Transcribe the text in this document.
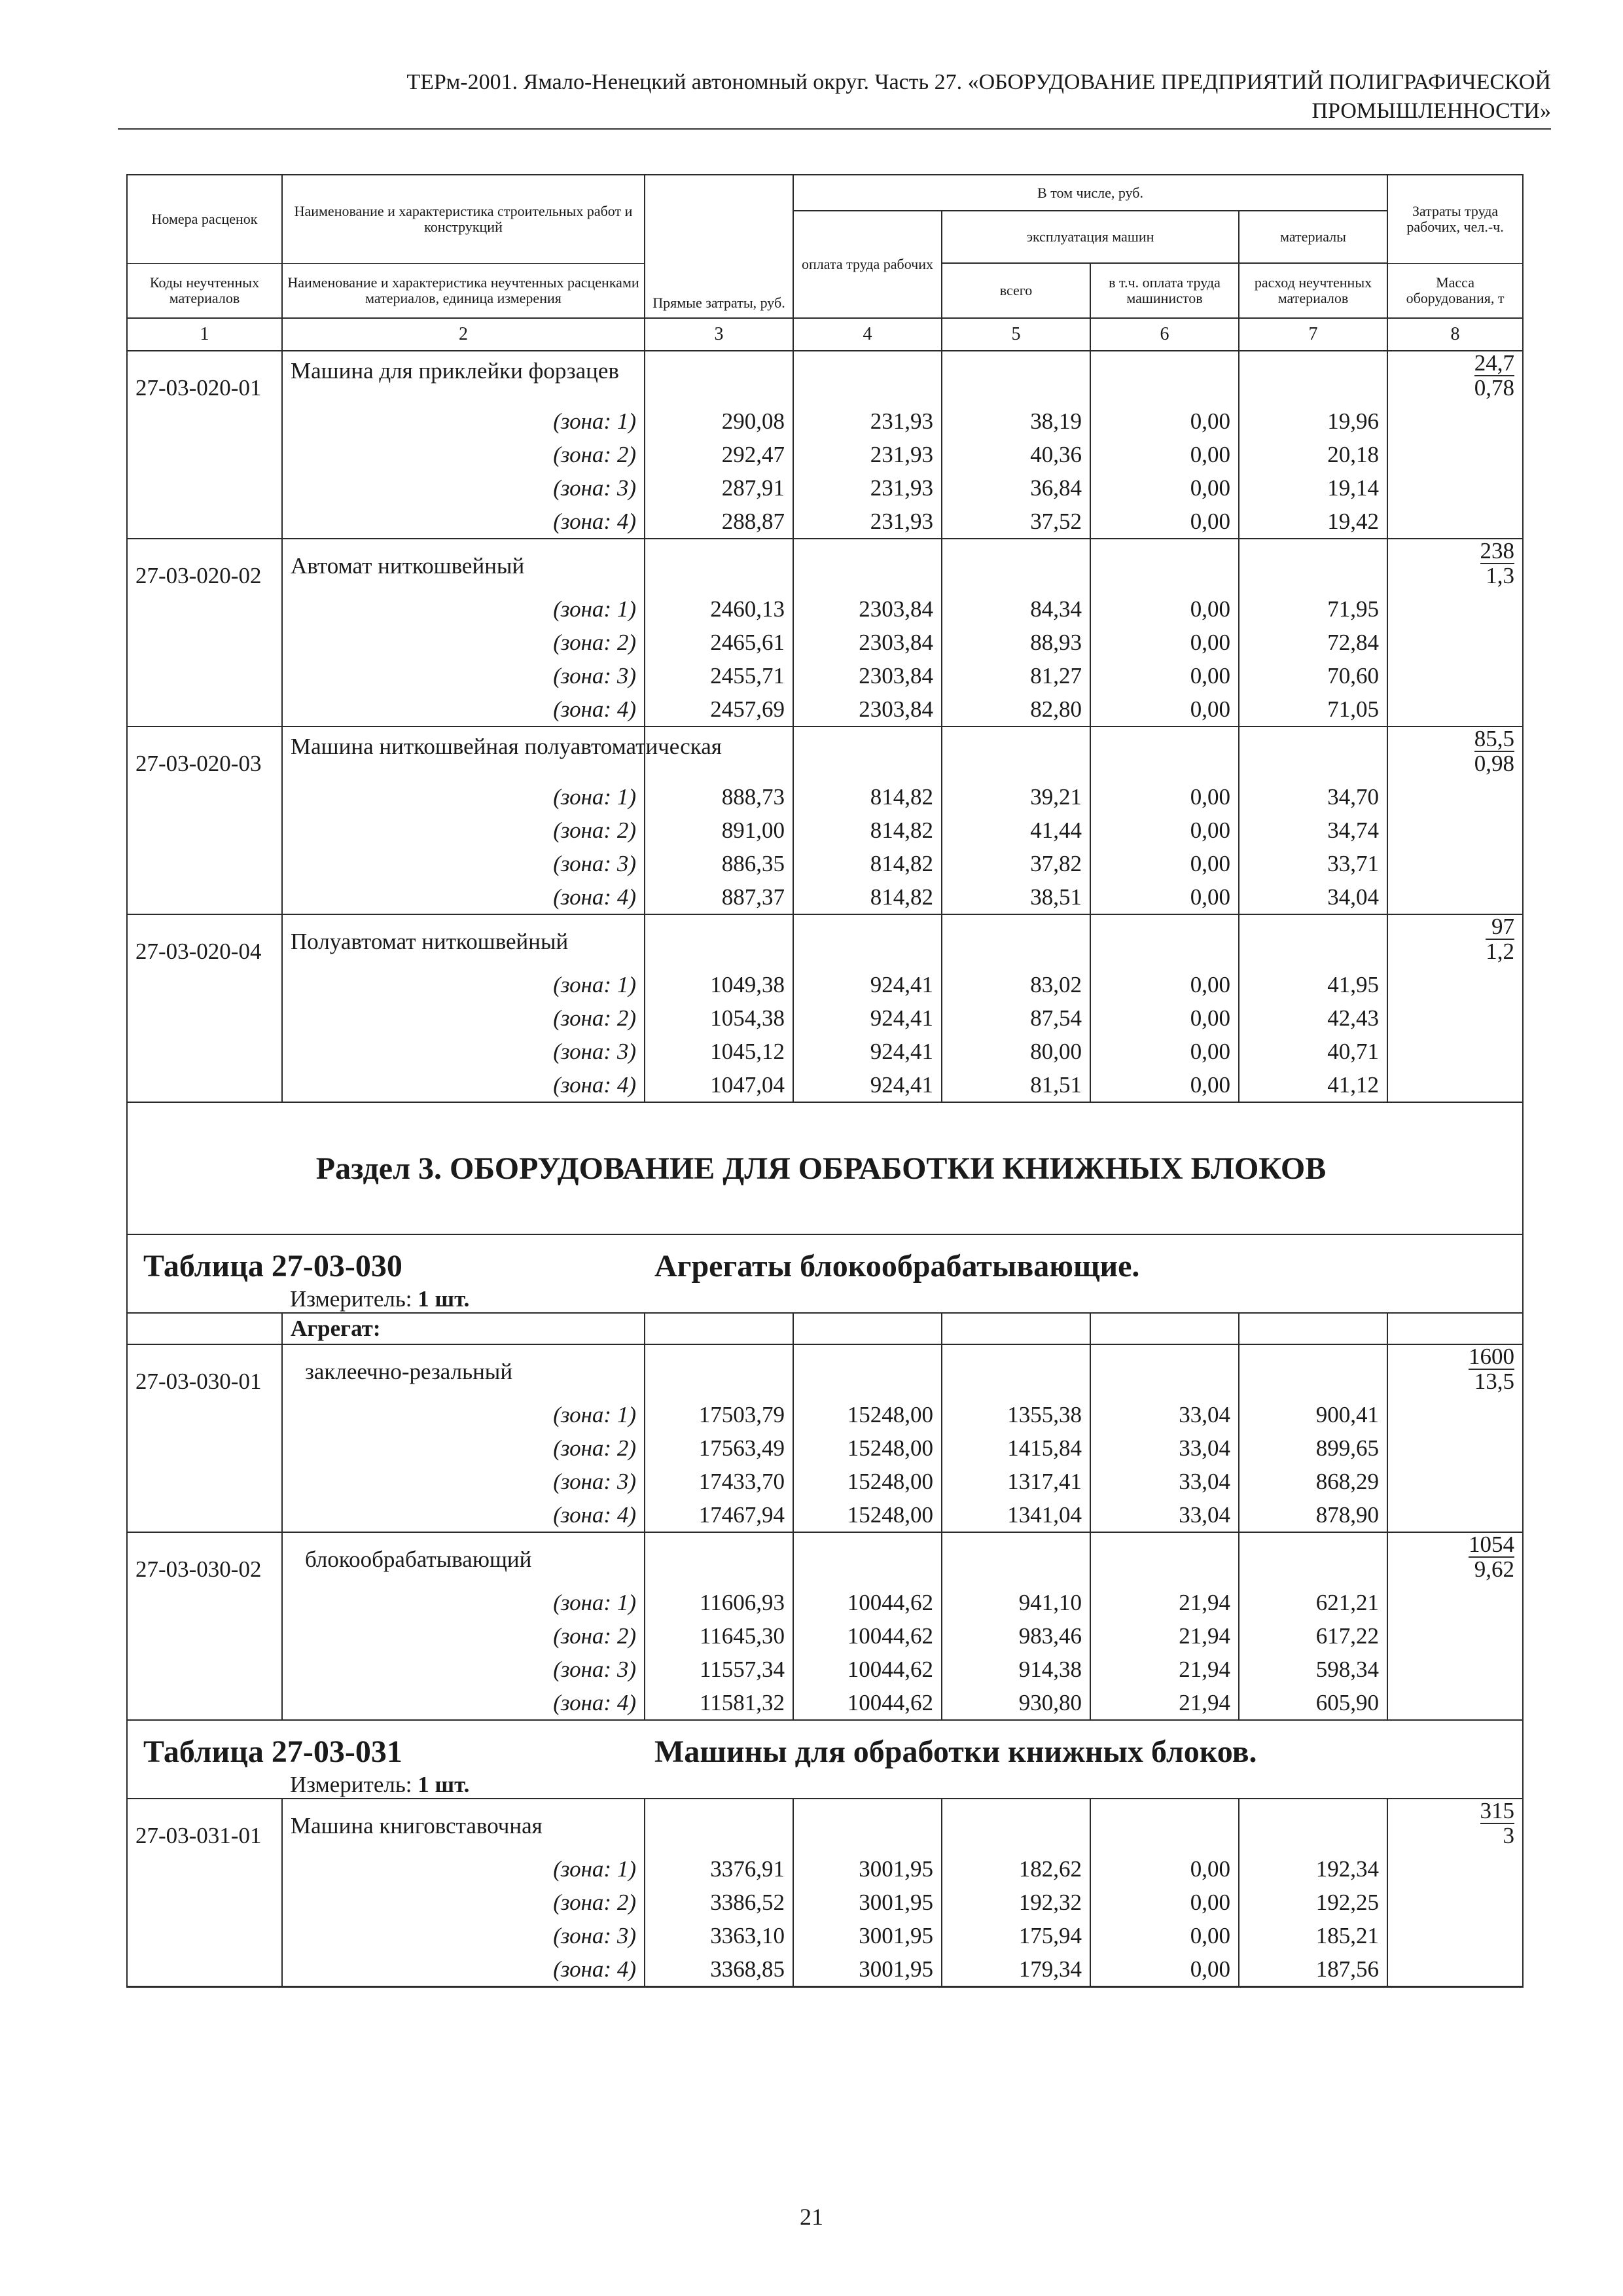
ТЕРм-2001. Ямало-Ненецкий автономный округ. Часть 27. «ОБОРУДОВАНИЕ ПРЕДПРИЯТИЙ ПОЛИГРАФИЧЕСКОЙ
ПРОМЫШЛЕННОСТИ»
Номера расценок	Наименование и характеристика строительных работ и конструкций	Прямые затраты, руб.	В том числе, руб.				Затраты труда рабочих, чел.-ч.
			оплата труда рабочих	эксплуатация машин		материалы	
Коды неучтенных материалов	Наименование и характеристика неучтенных расценками материалов, единица измерения			всего	в т.ч. оплата труда машинистов	расход неучтенных материалов	Масса оборудования, т
1	2	3	4	5	6	7	8
27-03-020-01	Машина для приклейки форзацев						$\frac{24,7}{0,78}$

	(зона: 1)	290,08	231,93	38,19	0,00	19,96	
	(зона: 2)	292,47	231,93	40,36	0,00	20,18	
	(зона: 3)	287,91	231,93	36,84	0,00	19,14	
	(зона: 4)	288,87	231,93	37,52	0,00	19,42	
27-03-020-02	Автомат ниткошвейный						$\frac{238}{1,3}$

	(зона: 1)	2460,13	2303,84	84,34	0,00	71,95	
	(зона: 2)	2465,61	2303,84	88,93	0,00	72,84	
	(зона: 3)	2455,71	2303,84	81,27	0,00	70,60	
	(зона: 4)	2457,69	2303,84	82,80	0,00	71,05	
27-03-020-03	Машина ниткошвейная полуавтоматическая						$\frac{85,5}{0,98}$

	(зона: 1)	888,73	814,82	39,21	0,00	34,70	
	(зона: 2)	891,00	814,82	41,44	0,00	34,74	
	(зона: 3)	886,35	814,82	37,82	0,00	33,71	
	(зона: 4)	887,37	814,82	38,51	0,00	34,04	
27-03-020-04	Полуавтомат ниткошвейный						$\frac{97}{1,2}$

	(зона: 1)	1049,38	924,41	83,02	0,00	41,95	
	(зона: 2)	1054,38	924,41	87,54	0,00	42,43	
	(зона: 3)	1045,12	924,41	80,00	0,00	40,71	
	(зона: 4)	1047,04	924,41	81,51	0,00	41,12	
Раздел 3. ОБОРУДОВАНИЕ ДЛЯ ОБРАБОТКИ КНИЖНЫХ БЛОКОВ							

Таблица 27-03-030 Агрегаты блокообрабатывающие.
Измеритель: 1 шт.							

	Агрегат:						
27-03-030-01	заклеечно-резальный						$\frac{1600}{13,5}$

	(зона: 1)	17503,79	15248,00	1355,38	33,04	900,41	
	(зона: 2)	17563,49	15248,00	1415,84	33,04	899,65	
	(зона: 3)	17433,70	15248,00	1317,41	33,04	868,29	
	(зона: 4)	17467,94	15248,00	1341,04	33,04	878,90	
27-03-030-02	блокообрабатывающий						$\frac{1054}{9,62}$

	(зона: 1)	11606,93	10044,62	941,10	21,94	621,21	
	(зона: 2)	11645,30	10044,62	983,46	21,94	617,22	
	(зона: 3)	11557,34	10044,62	914,38	21,94	598,34	
	(зона: 4)	11581,32	10044,62	930,80	21,94	605,90	

Таблица 27-03-031 Машины для обработки книжных блоков.
Измеритель: 1 шт.							

27-03-031-01	Машина книговставочная						$\frac{315}{3}$

	(зона: 1)	3376,91	3001,95	182,62	0,00	192,34	
	(зона: 2)	3386,52	3001,95	192,32	0,00	192,25	
	(зона: 3)	3363,10	3001,95	175,94	0,00	185,21	
	(зона: 4)	3368,85	3001,95	179,34	0,00	187,56	
21
